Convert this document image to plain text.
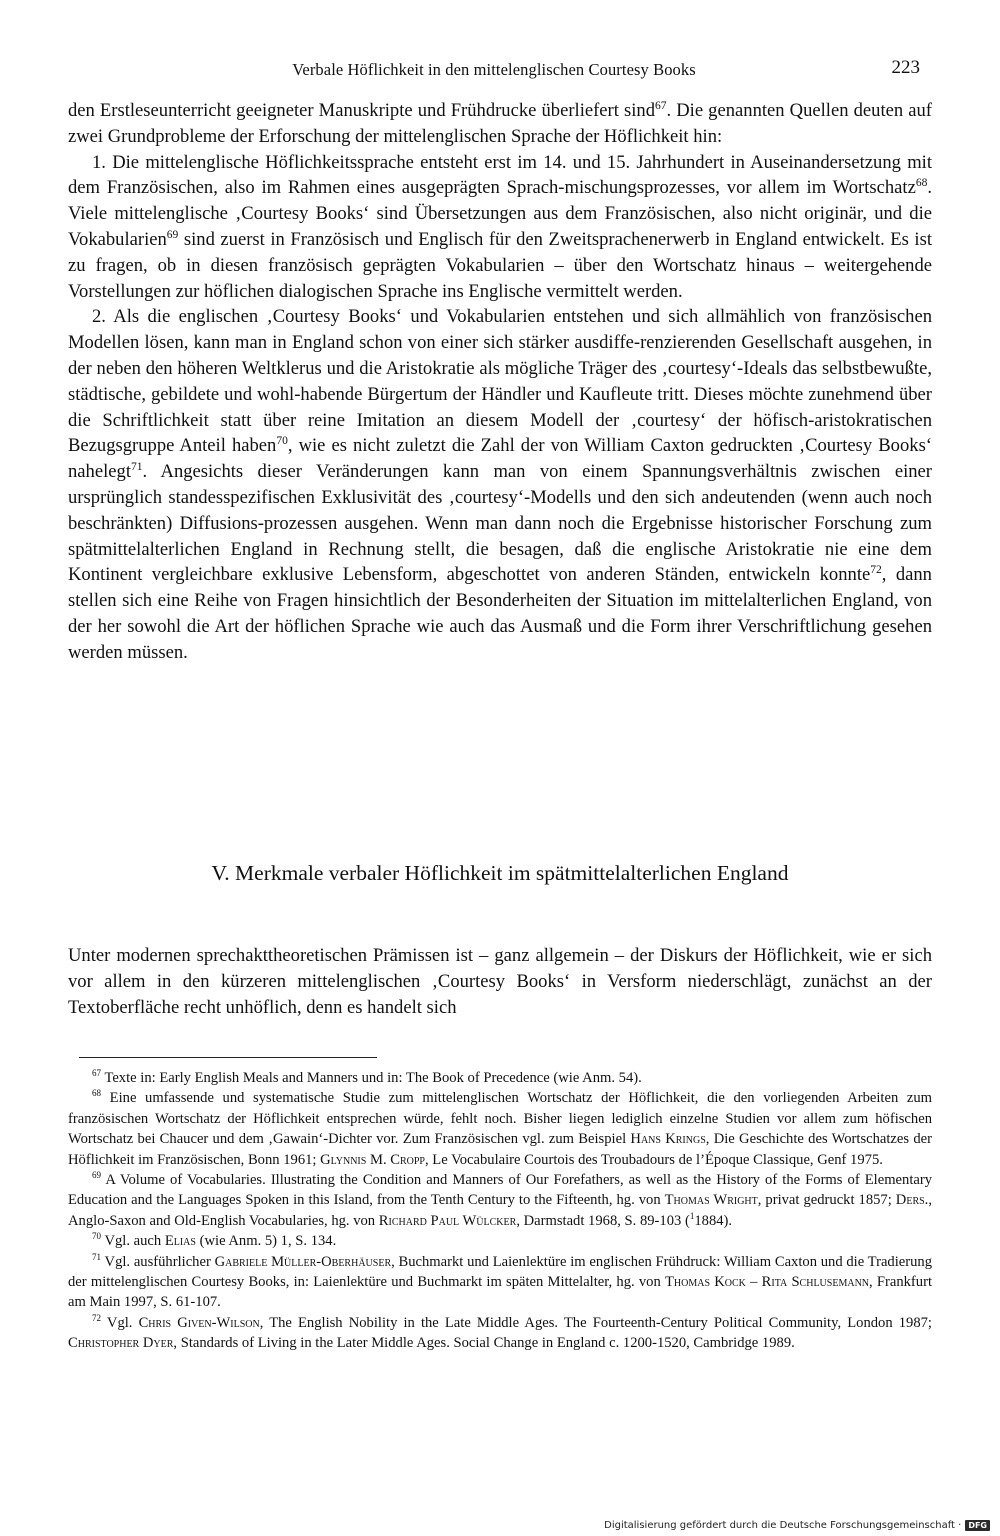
Verbale Höflichkeit in den mittelenglischen Courtesy Books	223

den Erstleseunterricht geeigneter Manuskripte und Frühdrucke überliefert sind$^{67}$. Die genannten Quellen deuten auf zwei Grundprobleme der Erforschung der mittelenglischen Sprache der Höflichkeit hin:

1. Die mittelenglische Höflichkeitssprache entsteht erst im 14. und 15. Jahrhundert in Auseinandersetzung mit dem Französischen, also im Rahmen eines ausgeprägten Sprach-mischungsprozesses, vor allem im Wortschatz$^{68}$. Viele mittelenglische ‚Courtesy Books‘ sind Übersetzungen aus dem Französischen, also nicht originär, und die Vokabularien$^{69}$ sind zuerst in Französisch und Englisch für den Zweitsprachenerwerb in England entwickelt. Es ist zu fragen, ob in diesen französisch geprägten Vokabularien – über den Wortschatz hinaus – weitergehende Vorstellungen zur höflichen dialogischen Sprache ins Englische vermittelt werden.

2. Als die englischen ‚Courtesy Books‘ und Vokabularien entstehen und sich allmählich von französischen Modellen lösen, kann man in England schon von einer sich stärker ausdiffe-renzierenden Gesellschaft ausgehen, in der neben den höheren Weltklerus und die Aristokratie als mögliche Träger des ‚courtesy‘-Ideals das selbstbewußte, städtische, gebildete und wohl-habende Bürgertum der Händler und Kaufleute tritt. Dieses möchte zunehmend über die Schriftlichkeit statt über reine Imitation an diesem Modell der ‚courtesy‘ der höfisch-aristokratischen Bezugsgruppe Anteil haben$^{70}$, wie es nicht zuletzt die Zahl der von William Caxton gedruckten ‚Courtesy Books‘ nahelegt$^{71}$. Angesichts dieser Veränderungen kann man von einem Spannungsverhältnis zwischen einer ursprünglich standesspezifischen Exklusivität des ‚courtesy‘-Modells und den sich andeutenden (wenn auch noch beschränkten) Diffusions-prozessen ausgehen. Wenn man dann noch die Ergebnisse historischer Forschung zum spätmittelalterlichen England in Rechnung stellt, die besagen, daß die englische Aristokratie nie eine dem Kontinent vergleichbare exklusive Lebensform, abgeschottet von anderen Ständen, entwickeln konnte$^{72}$, dann stellen sich eine Reihe von Fragen hinsichtlich der Besonderheiten der Situation im mittelalterlichen England, von der her sowohl die Art der höflichen Sprache wie auch das Ausmaß und die Form ihrer Verschriftlichung gesehen werden müssen.

V. Merkmale verbaler Höflichkeit im spätmittelalterlichen England

Unter modernen sprechakttheoretischen Prämissen ist – ganz allgemein – der Diskurs der Höflichkeit, wie er sich vor allem in den kürzeren mittelenglischen ‚Courtesy Books‘ in Versform niederschlägt, zunächst an der Textoberfläche recht unhöflich, denn es handelt sich

$^{67}$ Texte in: Early English Meals and Manners und in: The Book of Precedence (wie Anm. 54).

$^{68}$ Eine umfassende und systematische Studie zum mittelenglischen Wortschatz der Höflichkeit, die den vorliegenden Arbeiten zum französischen Wortschatz der Höflichkeit entsprechen würde, fehlt noch. Bisher liegen lediglich einzelne Studien vor allem zum höfischen Wortschatz bei Chaucer und dem ‚Gawain‘-Dichter vor. Zum Französischen vgl. zum Beispiel Hans Krings, Die Geschichte des Wortschatzes der Höflichkeit im Französischen, Bonn 1961; Glynnis M. Cropp, Le Vocabulaire Courtois des Troubadours de l’Époque Classique, Genf 1975.

$^{69}$ A Volume of Vocabularies. Illustrating the Condition and Manners of Our Forefathers, as well as the History of the Forms of Elementary Education and the Languages Spoken in this Island, from the Tenth Century to the Fifteenth, hg. von Thomas Wright, privat gedruckt 1857; Ders., Anglo-Saxon and Old-English Vocabularies, hg. von Richard Paul Wülcker, Darmstadt 1968, S. 89-103 ($^1$1884).

$^{70}$ Vgl. auch Elias (wie Anm. 5) 1, S. 134.

$^{71}$ Vgl. ausführlicher Gabriele Müller-Oberhäuser, Buchmarkt und Laienlektüre im englischen Frühdruck: William Caxton und die Tradierung der mittelenglischen Courtesy Books, in: Laienlektüre und Buchmarkt im späten Mittelalter, hg. von Thomas Kock – Rita Schlusemann, Frankfurt am Main 1997, S. 61-107.

$^{72}$ Vgl. Chris Given-Wilson, The English Nobility in the Late Middle Ages. The Fourteenth-Century Political Community, London 1987; Christopher Dyer, Standards of Living in the Later Middle Ages. Social Change in England c. 1200-1520, Cambridge 1989.

Digitalisierung gefördert durch die Deutsche Forschungsgemeinschaft · DFG
